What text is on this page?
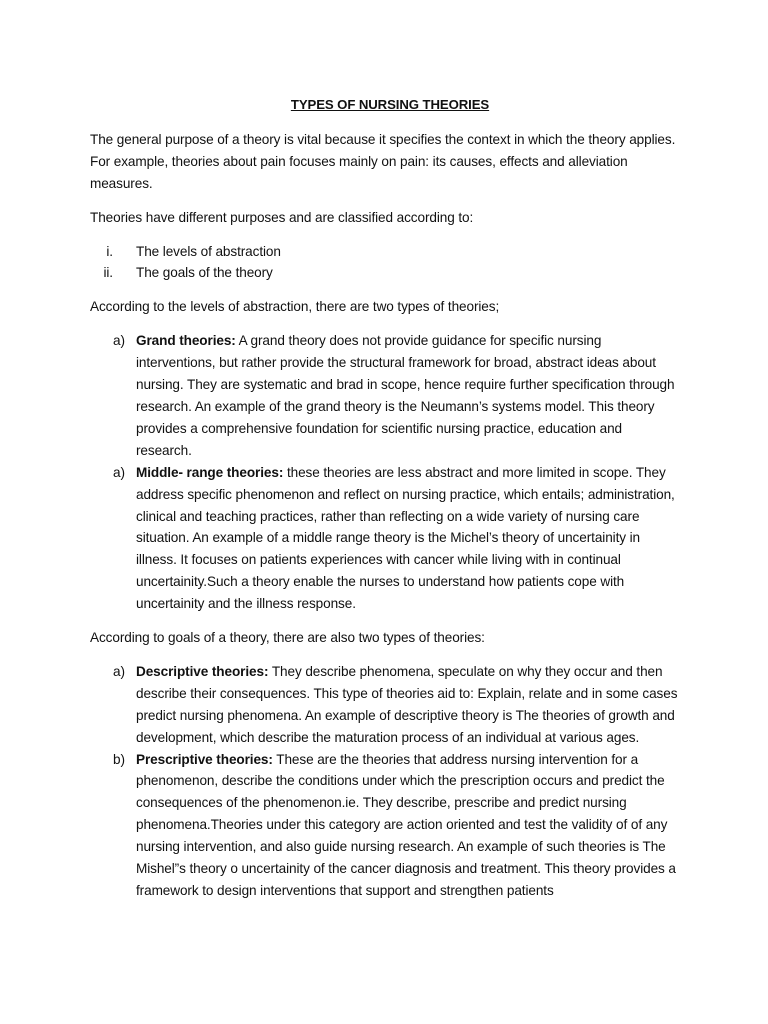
TYPES OF NURSING THEORIES
The general purpose of a theory is vital because it specifies the context in which the theory applies. For example, theories about pain focuses mainly on pain: its causes, effects and alleviation measures.
Theories have different purposes and are classified according to:
i.	The levels of abstraction
ii.	The goals of the theory
According to the levels of abstraction, there are two types of theories;
a) Grand theories: A grand theory does not provide guidance for specific nursing interventions, but rather provide the structural framework for broad, abstract ideas about nursing. They are systematic and brad in scope, hence require further specification through research. An example of the grand theory is the Neumann’s systems model. This theory provides a comprehensive foundation for scientific nursing practice, education and research.
a) Middle- range theories: these theories are less abstract and more limited in scope. They address specific phenomenon and reflect on nursing practice, which entails; administration, clinical and teaching practices, rather than reflecting on a wide variety of nursing care situation. An example of a middle range theory is the Michel’s theory of uncertainity in illness. It focuses on patients experiences with cancer while living with in continual uncertainity.Such a theory enable the nurses to understand how patients cope with uncertainity and the illness response.
According to goals of a theory, there are also two types of theories:
a) Descriptive theories: They describe phenomena, speculate on why they occur and then describe their consequences. This type of theories aid to: Explain, relate and in some cases predict nursing phenomena. An example of descriptive theory is The theories of growth and development, which describe the maturation process of an individual at various ages.
b) Prescriptive theories: These are the theories that address nursing intervention for a phenomenon, describe the conditions under which the prescription occurs and predict the consequences of the phenomenon.ie. They describe, prescribe and predict nursing phenomena.Theories under this category are action oriented and test the validity of of any nursing intervention, and also guide nursing research. An example of such theories is The Mishel”s theory o uncertainity of the cancer diagnosis and treatment. This theory provides a framework to design interventions that support and strengthen patients
